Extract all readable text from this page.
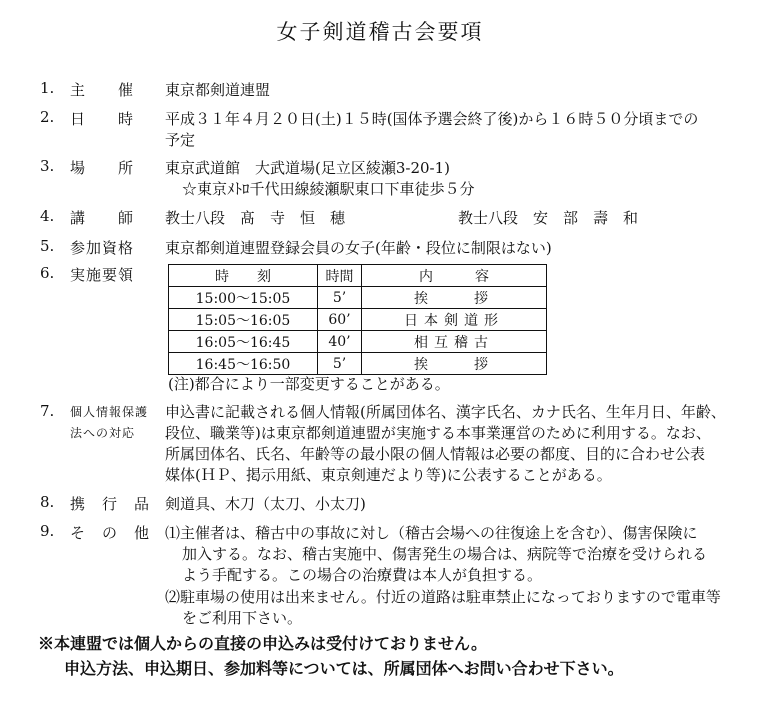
女子剣道稽古会要項
1. 主　　催 東京都剣道連盟
2. 日　　時 平成３１年４月２０日(土)１５時(国体予選会終了後)から１６時５０分頃までの
予定
3. 場　　所 東京武道館　大武道場(足立区綾瀬3-20-1)
☆東京ﾒﾄﾛ千代田線綾瀬駅東口下車徒歩５分
4. 講　　師 教士八段　髙　寺　恒　穂	教士八段　安　部　壽　和
5. 参加資格 東京都剣道連盟登録会員の女子(年齢・段位に制限はない)
6. 実施要領	時　　刻	時間	内　　　容
15:00～15:05	5’	挨　　拶
15:05～16:05	60’	日本剣道形
16:05～16:45	40’	相互稽古
16:45～16:50	5’	挨　　拶
(注)都合により一部変更することがある。
7. 個人情報保護
法への対応
申込書に記載される個人情報(所属団体名、漢字氏名、カナ氏名、生年月日、年齢、
段位、職業等)は東京都剣道連盟が実施する本事業運営のために利用する。なお、
所属団体名、氏名、年齢等の最小限の個人情報は必要の都度、目的に合わせ公表
媒体(ＨＰ、掲示用紙、東京剣連だより等)に公表することがある。
8. 携　行　品 剣道具、木刀（太刀、小太刀)
9. そ　の　他 ⑴主催者は、稽古中の事故に対し（稽古会場への往復途上を含む）、傷害保険に
加入する。なお、稽古実施中、傷害発生の場合は、病院等で治療を受けられる
よう手配する。この場合の治療費は本人が負担する。
⑵駐車場の使用は出来ません。付近の道路は駐車禁止になっておりますので電車等
をご利用下さい。
※本連盟では個人からの直接の申込みは受付けておりません。
申込方法、申込期日、参加料等については、所属団体へお問い合わせ下さい。
